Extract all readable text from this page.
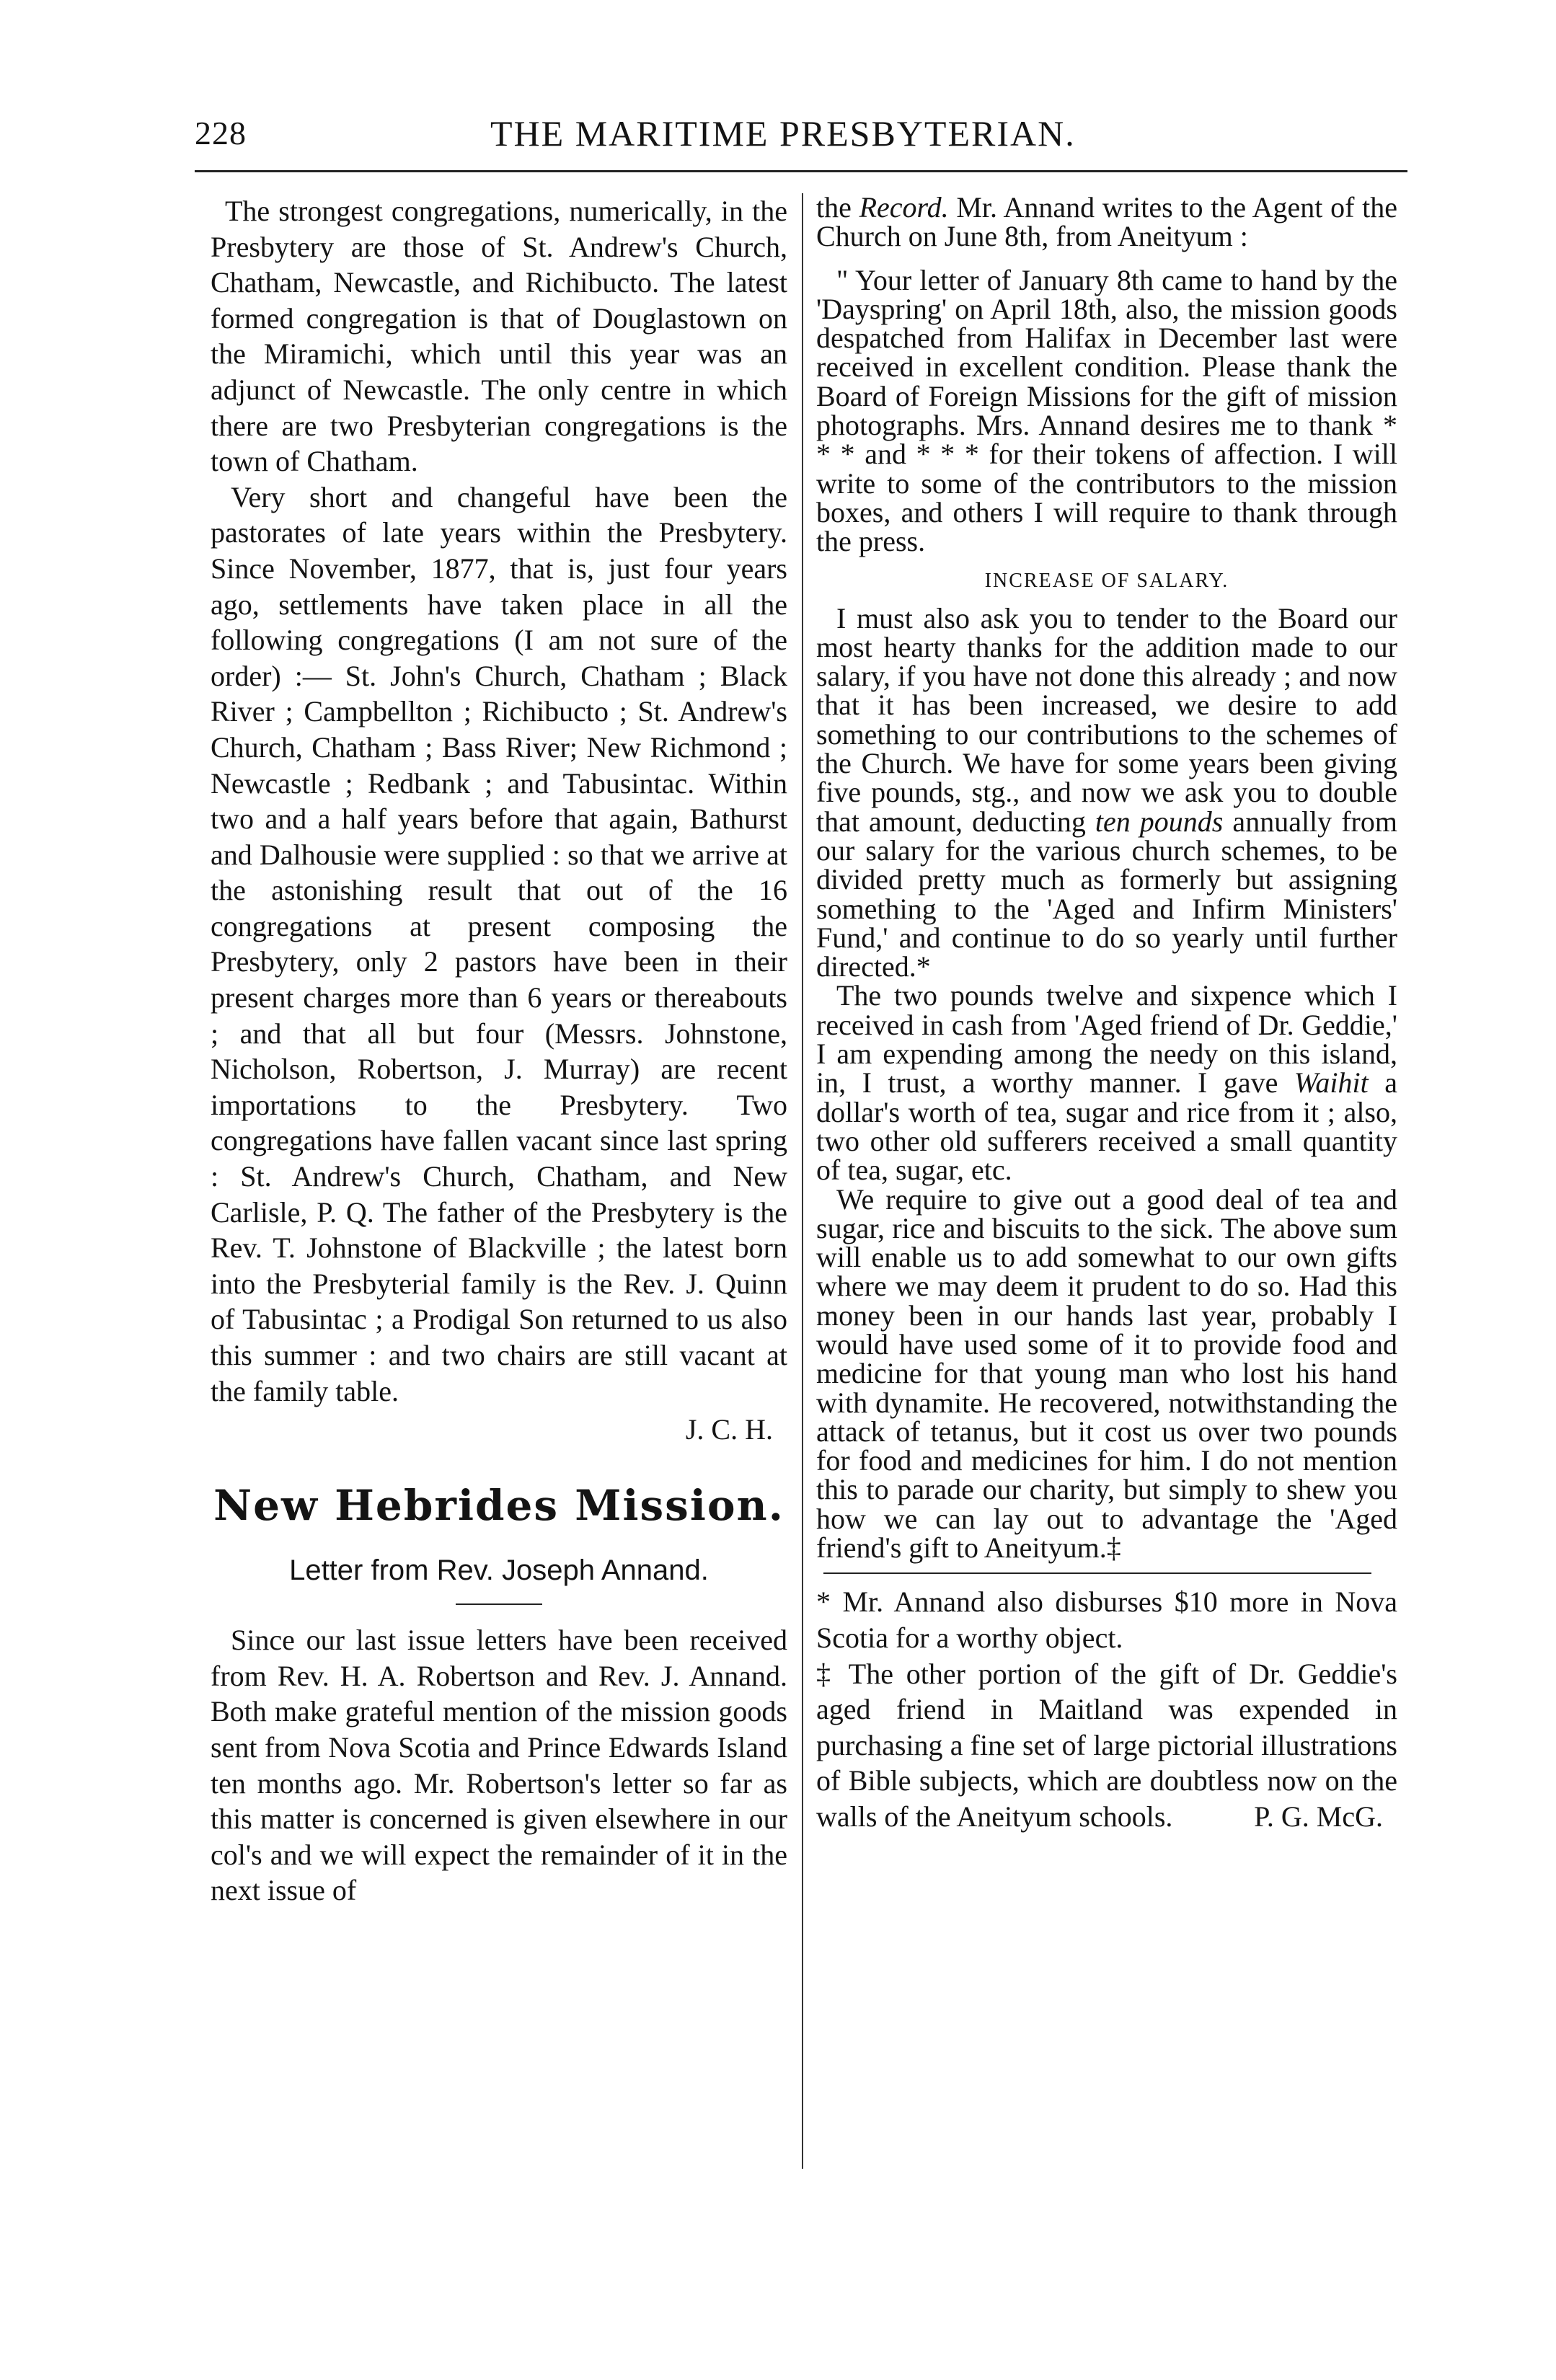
228	THE MARITIME PRESBYTERIAN.

The strongest congregations, numerically, in the Presbytery are those of St. Andrew's Church, Chatham, Newcastle, and Richibucto. The latest formed congregation is that of Douglastown on the Miramichi, which until this year was an adjunct of Newcastle. The only centre in which there are two Presbyterian congregations is the town of Chatham.

Very short and changeful have been the pastorates of late years within the Presbytery. Since November, 1877, that is, just four years ago, settlements have taken place in all the following congregations (I am not sure of the order) :— St. John's Church, Chatham ; Black River ; Campbellton ; Richibucto ; St. Andrew's Church, Chatham ; Bass River; New Richmond ; Newcastle ; Redbank ; and Tabusintac. Within two and a half years before that again, Bathurst and Dalhousie were supplied : so that we arrive at the astonishing result that out of the 16 congregations at present composing the Presbytery, only 2 pastors have been in their present charges more than 6 years or thereabouts ; and that all but four (Messrs. Johnstone, Nicholson, Robertson, J. Murray) are recent importations to the Presbytery. Two congregations have fallen vacant since last spring : St. Andrew's Church, Chatham, and New Carlisle, P. Q. The father of the Presbytery is the Rev. T. Johnstone of Blackville ; the latest born into the Presbyterial family is the Rev. J. Quinn of Tabusintac ; a Prodigal Son returned to us also this summer : and two chairs are still vacant at the family table.

J. C. H.
New Hebrides Mission.
Letter from Rev. Joseph Annand.

Since our last issue letters have been received from Rev. H. A. Robertson and Rev. J. Annand. Both make grateful mention of the mission goods sent from Nova Scotia and Prince Edwards Island ten months ago. Mr. Robertson's letter so far as this matter is concerned is given elsewhere in our col's and we will expect the remainder of it in the next issue of

the Record. Mr. Annand writes to the Agent of the Church on June 8th, from Aneityum :

" Your letter of January 8th came to hand by the 'Dayspring' on April 18th, also, the mission goods despatched from Halifax in December last were received in excellent condition. Please thank the Board of Foreign Missions for the gift of mission photographs. Mrs. Annand desires me to thank * * * and * * * for their tokens of affection. I will write to some of the contributors to the mission boxes, and others I will require to thank through the press.

INCREASE OF SALARY.

I must also ask you to tender to the Board our most hearty thanks for the addition made to our salary, if you have not done this already ; and now that it has been increased, we desire to add something to our contributions to the schemes of the Church. We have for some years been giving five pounds, stg., and now we ask you to double that amount, deducting ten pounds annually from our salary for the various church schemes, to be divided pretty much as formerly but assigning something to the 'Aged and Infirm Ministers' Fund,' and continue to do so yearly until further directed.*

The two pounds twelve and sixpence which I received in cash from 'Aged friend of Dr. Geddie,' I am expending among the needy on this island, in, I trust, a worthy manner. I gave Waihit a dollar's worth of tea, sugar and rice from it ; also, two other old sufferers received a small quantity of tea, sugar, etc.

We require to give out a good deal of tea and sugar, rice and biscuits to the sick. The above sum will enable us to add somewhat to our own gifts where we may deem it prudent to do so. Had this money been in our hands last year, probably I would have used some of it to provide food and medicine for that young man who lost his hand with dynamite. He recovered, notwithstanding the attack of tetanus, but it cost us over two pounds for food and medicines for him. I do not mention this to parade our charity, but simply to shew you how we can lay out to advantage the 'Aged friend's gift to Aneityum.‡

* Mr. Annand also disburses $10 more in Nova Scotia for a worthy object.

‡ The other portion of the gift of Dr. Geddie's aged friend in Maitland was expended in purchasing a fine set of large pictorial illustrations of Bible subjects, which are doubtless now on the walls of the Aneityum schools.	P. G. McG.
